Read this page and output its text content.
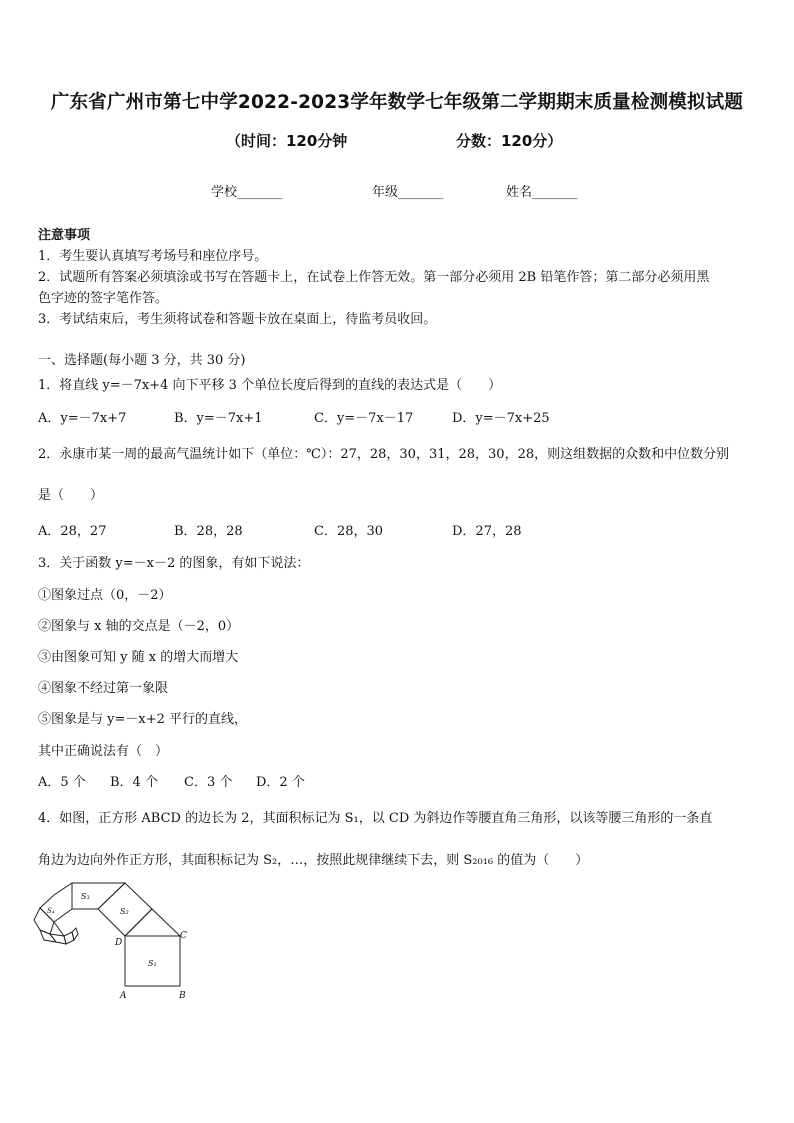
广东省广州市第七中学2022-2023学年数学七年级第二学期期末质量检测模拟试题
（时间：120分钟	分数：120分）
学校_______	年级_______	姓名_______
注意事项
1．考生要认真填写考场号和座位序号。
2．试题所有答案必须填涂或书写在答题卡上，在试卷上作答无效。第一部分必须用 2B 铅笔作答；第二部分必须用黑
色字迹的签字笔作答。
3．考试结束后，考生须将试卷和答题卡放在桌面上，待监考员收回。
一、选择题(每小题 3 分，共 30 分)
1．将直线 y=－7x+4 向下平移 3 个单位长度后得到的直线的表达式是（　　）
A．y=－7x+7	B．y=－7x+1	C．y=－7x－17	D．y=－7x+25
2．永康市某一周的最高气温统计如下（单位：℃）：27，28，30，31，28，30，28，则这组数据的众数和中位数分别
是（　　）
A．28，27	B．28，28	C．28，30	D．27，28
3．关于函数 y=－x－2 的图象，有如下说法：
①图象过点（0，－2）
②图象与 x 轴的交点是（－2，0）
③由图象可知 y 随 x 的增大而增大
④图象不经过第一象限
⑤图象是与 y=－x+2 平行的直线，
其中正确说法有（　）
A．5 个 B．4 个 C．3 个 D．2 个
4．如图，正方形 ABCD 的边长为 2，其面积标记为 S₁，以 CD 为斜边作等腰直角三角形，以该等腰三角形的一条直
角边为边向外作正方形，其面积标记为 S₂，…，按照此规律继续下去，则 S₂₀₁₆ 的值为（　　）
A	B
C
D
S₁
S₂
S₃
S₄
